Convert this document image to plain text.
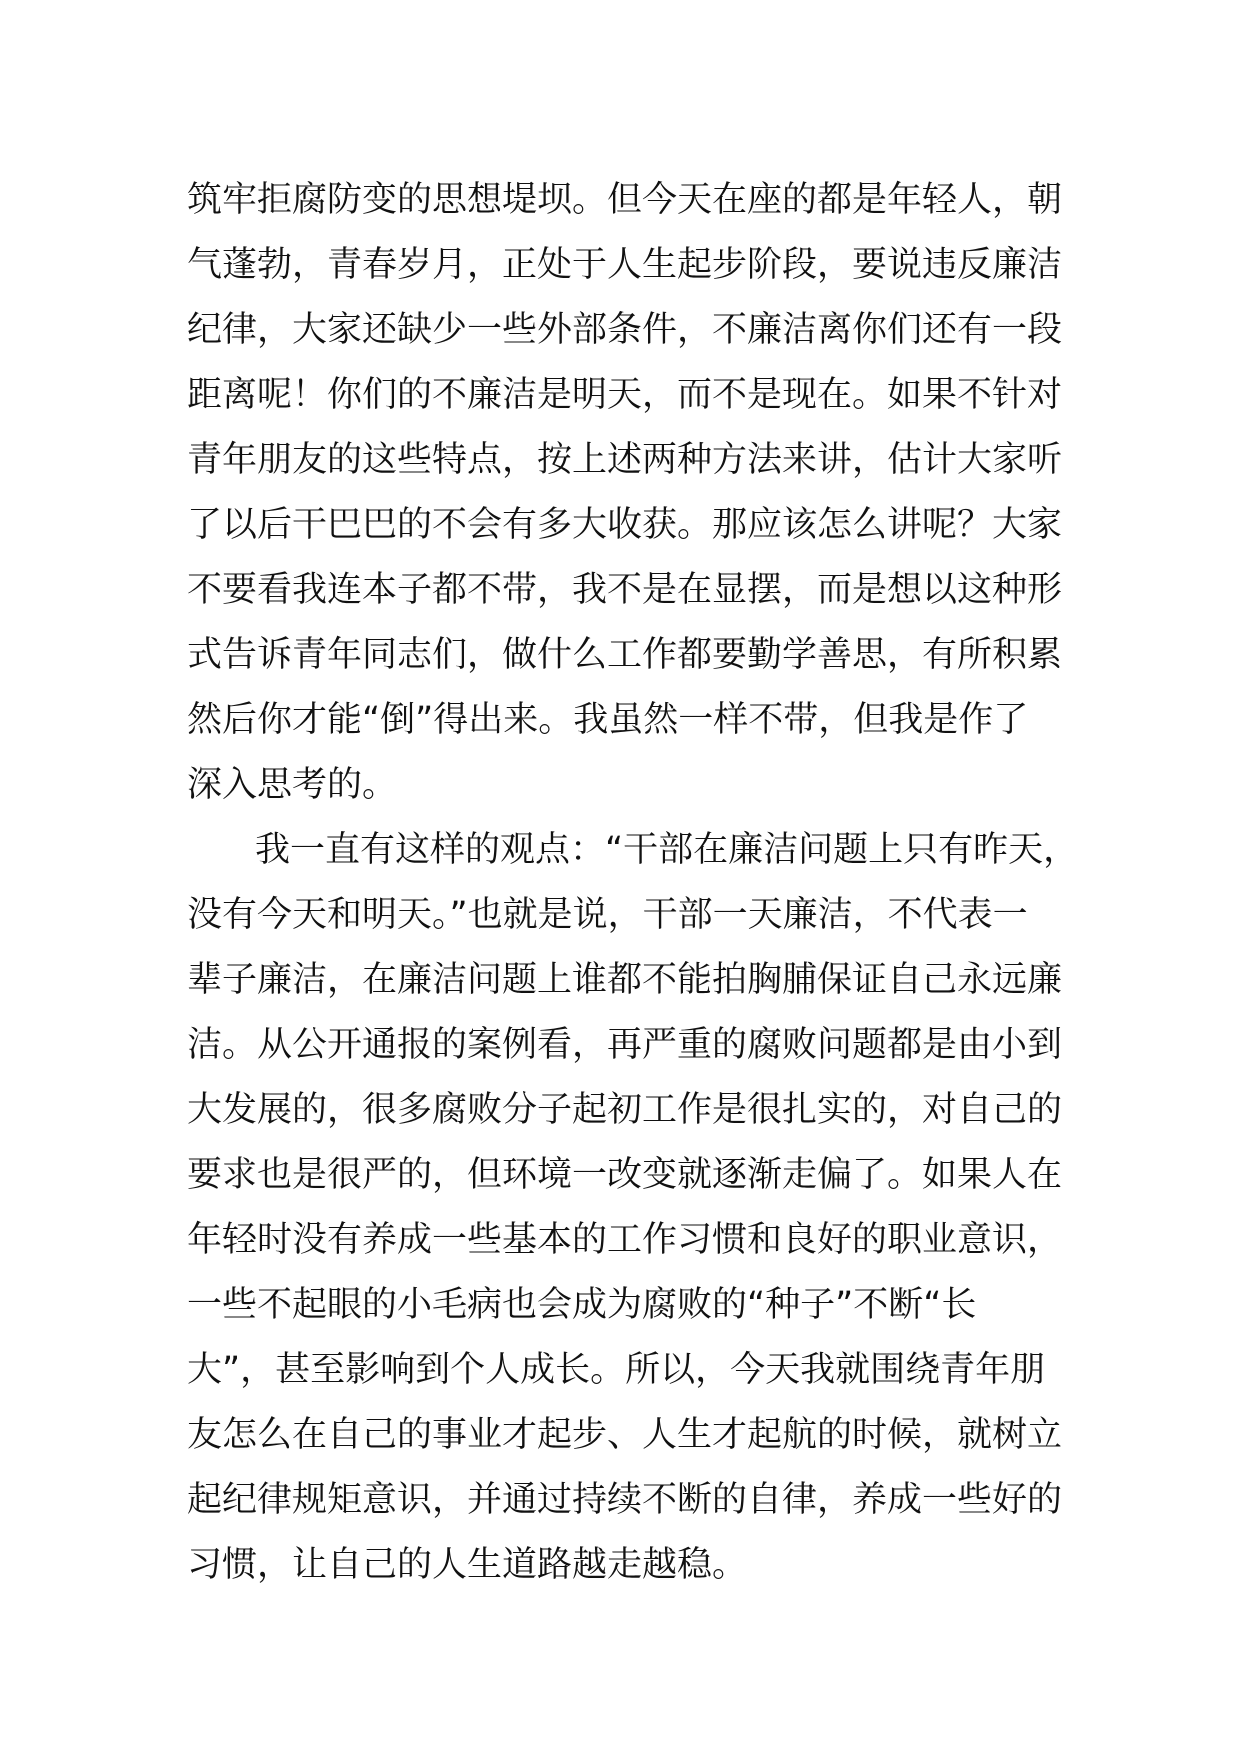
筑牢拒腐防变的思想堤坝。但今天在座的都是年轻人，朝
气蓬勃，青春岁月，正处于人生起步阶段，要说违反廉洁
纪律，大家还缺少一些外部条件，不廉洁离你们还有一段
距离呢！你们的不廉洁是明天，而不是现在。如果不针对
青年朋友的这些特点，按上述两种方法来讲，估计大家听
了以后干巴巴的不会有多大收获。那应该怎么讲呢？大家
不要看我连本子都不带，我不是在显摆，而是想以这种形
式告诉青年同志们，做什么工作都要勤学善思，有所积累
然后你才能“倒”得出来。我虽然一样不带，但我是作了
深入思考的。
我一直有这样的观点：“干部在廉洁问题上只有昨天，
没有今天和明天。”也就是说，干部一天廉洁，不代表一
辈子廉洁，在廉洁问题上谁都不能拍胸脯保证自己永远廉
洁。从公开通报的案例看，再严重的腐败问题都是由小到
大发展的，很多腐败分子起初工作是很扎实的，对自己的
要求也是很严的，但环境一改变就逐渐走偏了。如果人在
年轻时没有养成一些基本的工作习惯和良好的职业意识，
一些不起眼的小毛病也会成为腐败的“种子”不断“长
大”，甚至影响到个人成长。所以，今天我就围绕青年朋
友怎么在自己的事业才起步、人生才起航的时候，就树立
起纪律规矩意识，并通过持续不断的自律，养成一些好的
习惯，让自己的人生道路越走越稳。
